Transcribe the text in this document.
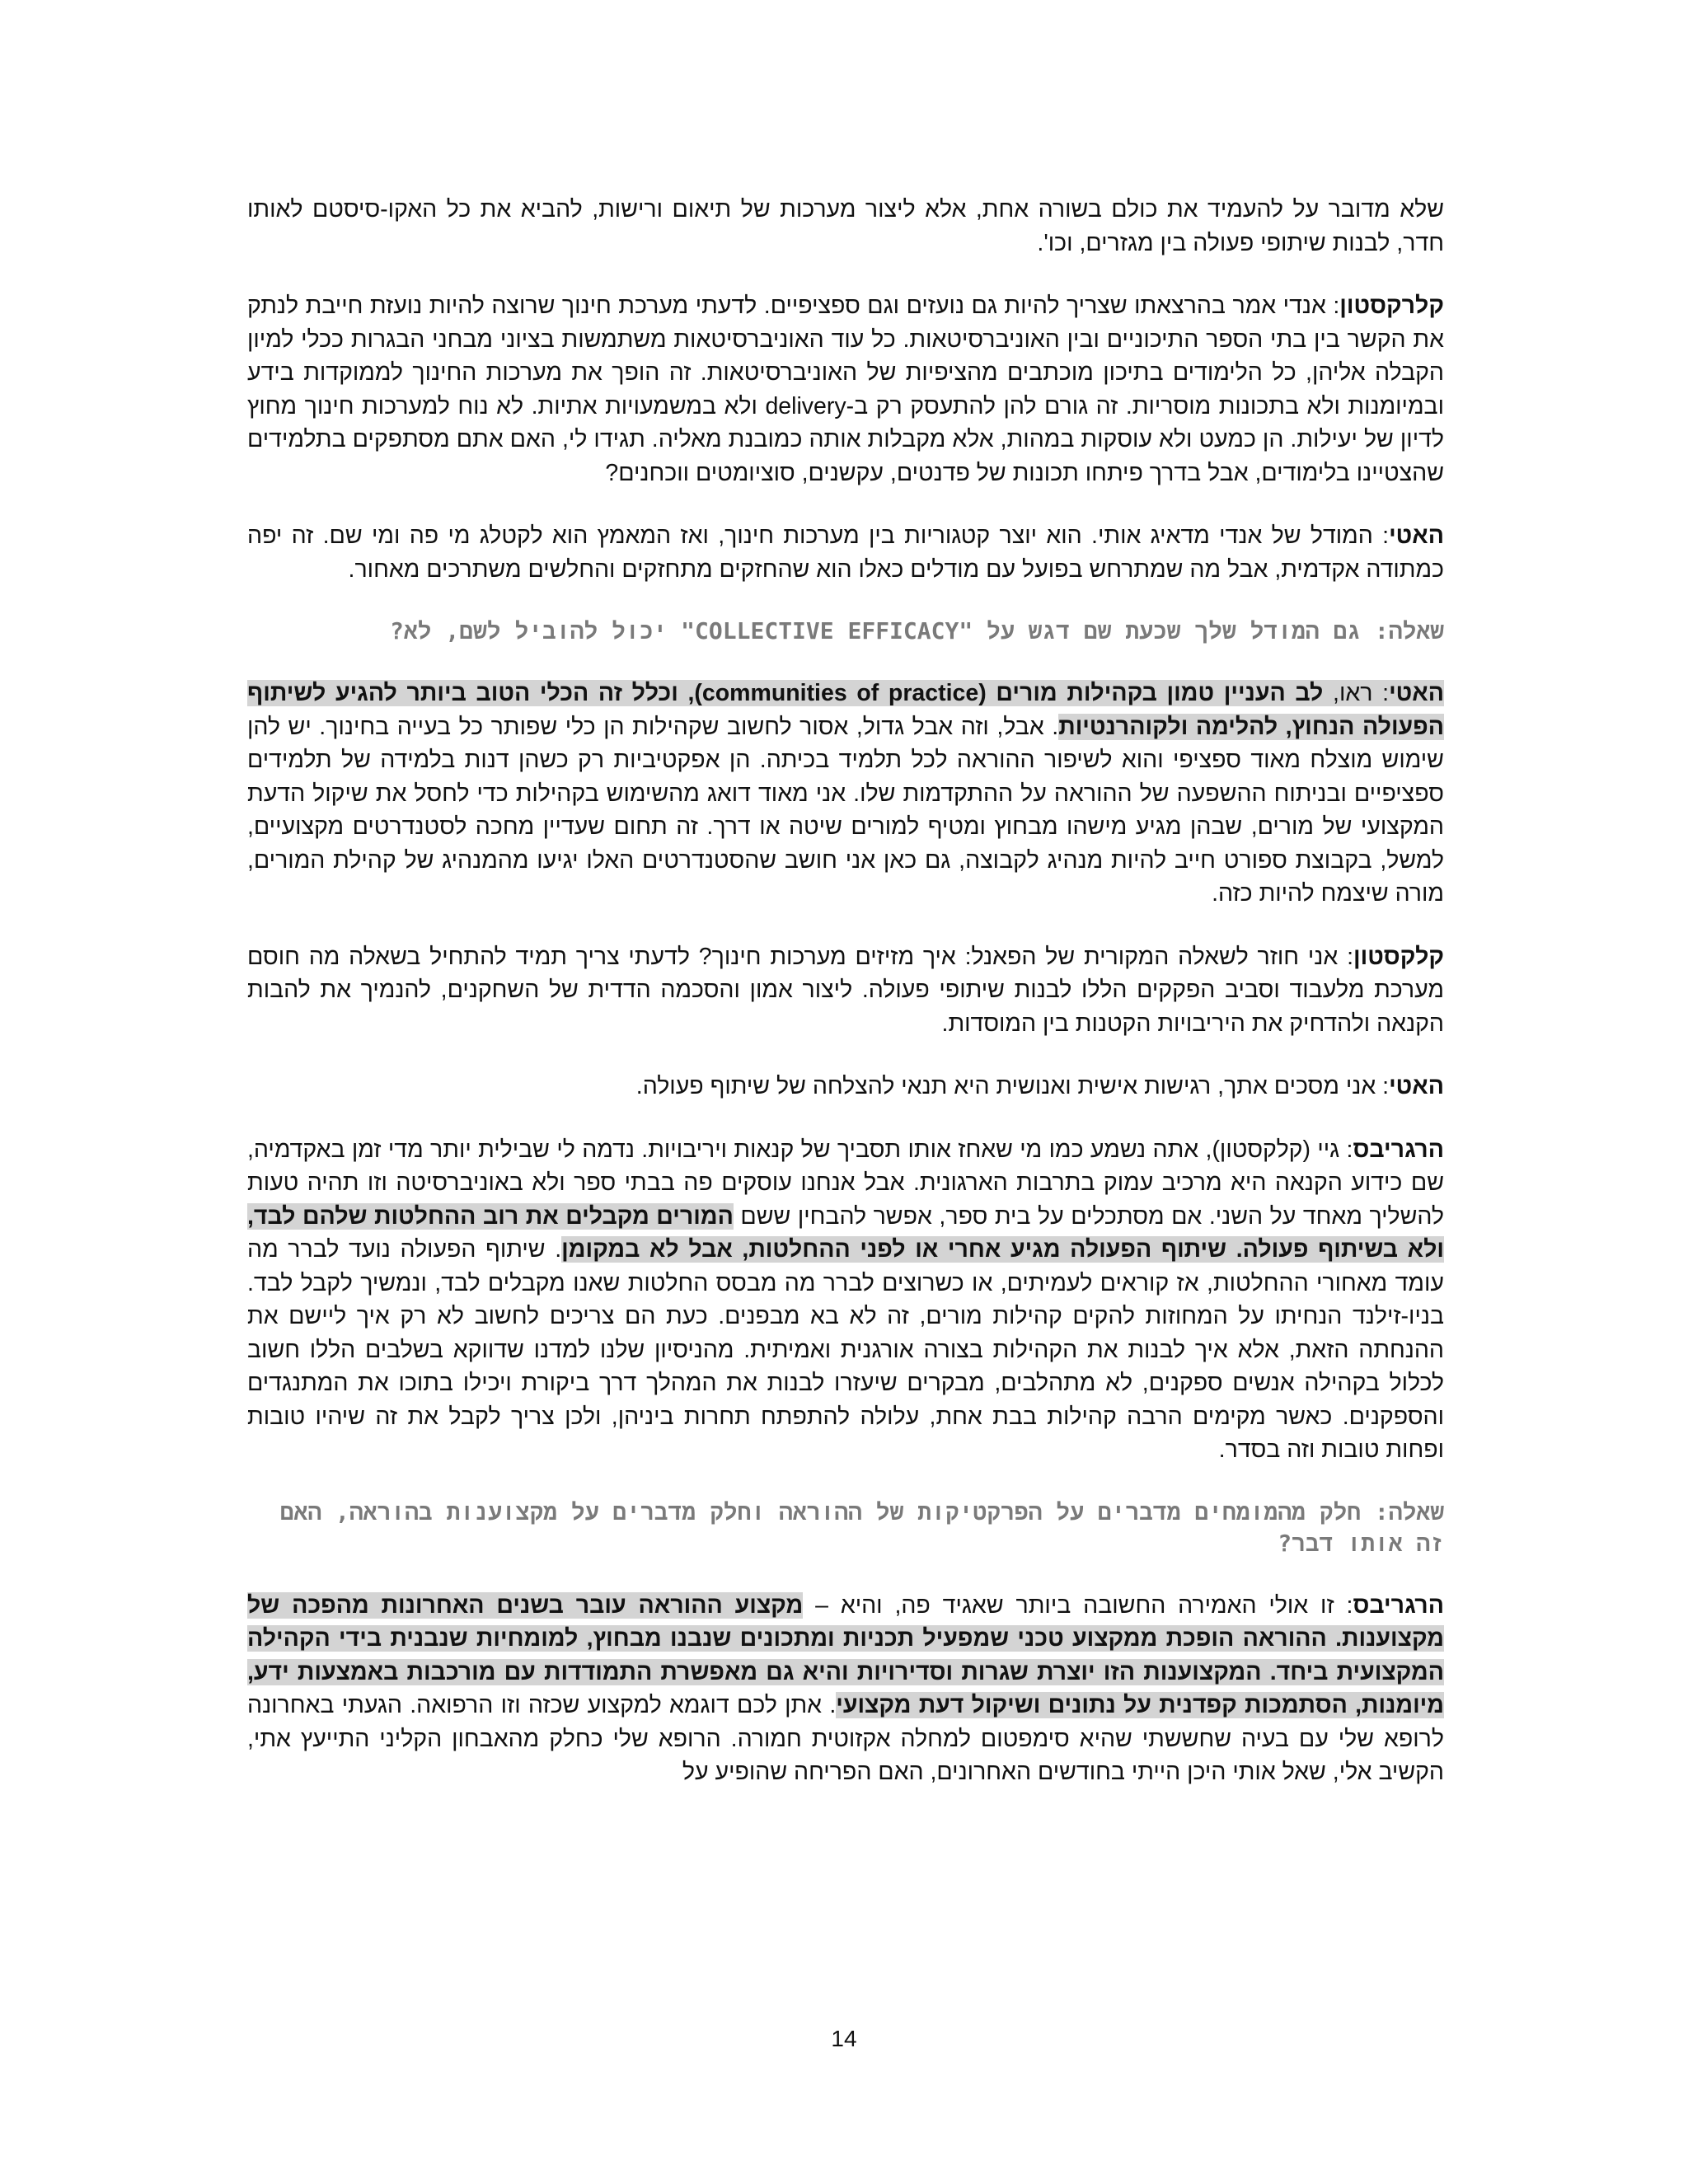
שלא מדובר על להעמיד את כולם בשורה אחת, אלא ליצור מערכות של תיאום ורישות, להביא את כל האקו-סיסטם לאותו חדר, לבנות שיתופי פעולה בין מגזרים, וכו'.

קלרקסטון: אנדי אמר בהרצאתו שצריך להיות גם נועזים וגם ספציפיים. לדעתי מערכת חינוך שרוצה להיות נועזת חייבת לנתק את הקשר בין בתי הספר התיכוניים ובין האוניברסיטאות. כל עוד האוניברסיטאות משתמשות בציוני מבחני הבגרות ככלי למיון הקבלה אליהן, כל הלימודים בתיכון מוכתבים מהציפיות של האוניברסיטאות. זה הופך את מערכות החינוך לממוקדות בידע ובמיומנות ולא בתכונות מוסריות. זה גורם להן להתעסק רק ב-delivery ולא במשמעויות אתיות. לא נוח למערכות חינוך מחוץ לדיון של יעילות. הן כמעט ולא עוסקות במהות, אלא מקבלות אותה כמובנת מאליה. תגידו לי, האם אתם מסתפקים בתלמידים שהצטיינו בלימודים, אבל בדרך פיתחו תכונות של פדנטים, עקשנים, סוציומטים ווכחנים?

האטי: המודל של אנדי מדאיג אותי. הוא יוצר קטגוריות בין מערכות חינוך, ואז המאמץ הוא לקטלג מי פה ומי שם. זה יפה כמתודה אקדמית, אבל מה שמתרחש בפועל עם מודלים כאלו הוא שהחזקים מתחזקים והחלשים משתרכים מאחור.

שאלה: גם המודל שלך שכעת שם דגש על "COLLECTIVE EFFICACY" יכול להוביל לשם, לא?

האטי: ראו, לב העניין טמון בקהילות מורים (communities of practice), וכלל זה הכלי הטוב ביותר להגיע לשיתוף הפעולה הנחוץ, להלימה ולקוהרנטיות. אבל, וזה אבל גדול, אסור לחשוב שקהילות הן כלי שפותר כל בעייה בחינוך. יש להן שימוש מוצלח מאוד ספציפי והוא לשיפור ההוראה לכל תלמיד בכיתה. הן אפקטיביות רק כשהן דנות בלמידה של תלמידים ספציפיים ובניתוח ההשפעה של ההוראה על ההתקדמות שלו. אני מאוד דואג מהשימוש בקהילות כדי לחסל את שיקול הדעת המקצועי של מורים, שבהן מגיע מישהו מבחוץ ומטיף למורים שיטה או דרך. זה תחום שעדיין מחכה לסטנדרטים מקצועיים, למשל, בקבוצת ספורט חייב להיות מנהיג לקבוצה, גם כאן אני חושב שהסטנדרטים האלו יגיעו מהמנהיג של קהילת המורים, מורה שיצמח להיות כזה.

קלקסטון: אני חוזר לשאלה המקורית של הפאנל: איך מזיזים מערכות חינוך? לדעתי צריך תמיד להתחיל בשאלה מה חוסם מערכת מלעבוד וסביב הפקקים הללו לבנות שיתופי פעולה. ליצור אמון והסכמה הדדית של השחקנים, להנמיך את להבות הקנאה ולהדחיק את היריבויות הקטנות בין המוסדות.

האטי: אני מסכים אתך, רגישות אישית ואנושית היא תנאי להצלחה של שיתוף פעולה.

הרגריבס: גיי (קלקסטון), אתה נשמע כמו מי שאחז אותו תסביך של קנאות ויריבויות. נדמה לי שבילית יותר מדי זמן באקדמיה, שם כידוע הקנאה היא מרכיב עמוק בתרבות הארגונית. אבל אנחנו עוסקים פה בבתי ספר ולא באוניברסיטה וזו תהיה טעות להשליך מאחד על השני. אם מסתכלים על בית ספר, אפשר להבחין ששם המורים מקבלים את רוב ההחלטות שלהם לבד, ולא בשיתוף פעולה. שיתוף הפעולה מגיע אחרי או לפני ההחלטות, אבל לא במקומן. שיתוף הפעולה נועד לברר מה עומד מאחורי ההחלטות, אז קוראים לעמיתים, או כשרוצים לברר מה מבסס החלטות שאנו מקבלים לבד, ונמשיך לקבל לבד. בניו-זילנד הנחיתו על המחוזות להקים קהילות מורים, זה לא בא מבפנים. כעת הם צריכים לחשוב לא רק איך ליישם את ההנחתה הזאת, אלא איך לבנות את הקהילות בצורה אורגנית ואמיתית. מהניסיון שלנו למדנו שדווקא בשלבים הללו חשוב לכלול בקהילה אנשים ספקנים, לא מתהלבים, מבקרים שיעזרו לבנות את המהלך דרך ביקורת ויכילו בתוכו את המתנגדים והספקנים. כאשר מקימים הרבה קהילות בבת אחת, עלולה להתפתח תחרות ביניהן, ולכן צריך לקבל את זה שיהיו טובות ופחות טובות וזה בסדר.

שאלה: חלק מהמומחים מדברים על הפרקטיקות של ההוראה וחלק מדברים על מקצוענות בהוראה, האם זה אותו דבר?

הרגריבס: זו אולי האמירה החשובה ביותר שאגיד פה, והיא – מקצוע ההוראה עובר בשנים האחרונות מהפכה של מקצוענות. ההוראה הופכת ממקצוע טכני שמפעיל תכניות ומתכונים שנבנו מבחוץ, למומחיות שנבנית בידי הקהילה המקצועית ביחד. המקצוענות הזו יוצרת שגרות וסדירויות והיא גם מאפשרת התמודדות עם מורכבות באמצעות ידע, מיומנות, הסתמכות קפדנית על נתונים ושיקול דעת מקצועי. אתן לכם דוגמא למקצוע שכזה וזו הרפואה. הגעתי באחרונה לרופא שלי עם בעיה שחששתי שהיא סימפטום למחלה אקזוטית חמורה. הרופא שלי כחלק מהאבחון הקליני התייעץ אתי, הקשיב אלי, שאל אותי היכן הייתי בחודשים האחרונים, האם הפריחה שהופיע על

14
